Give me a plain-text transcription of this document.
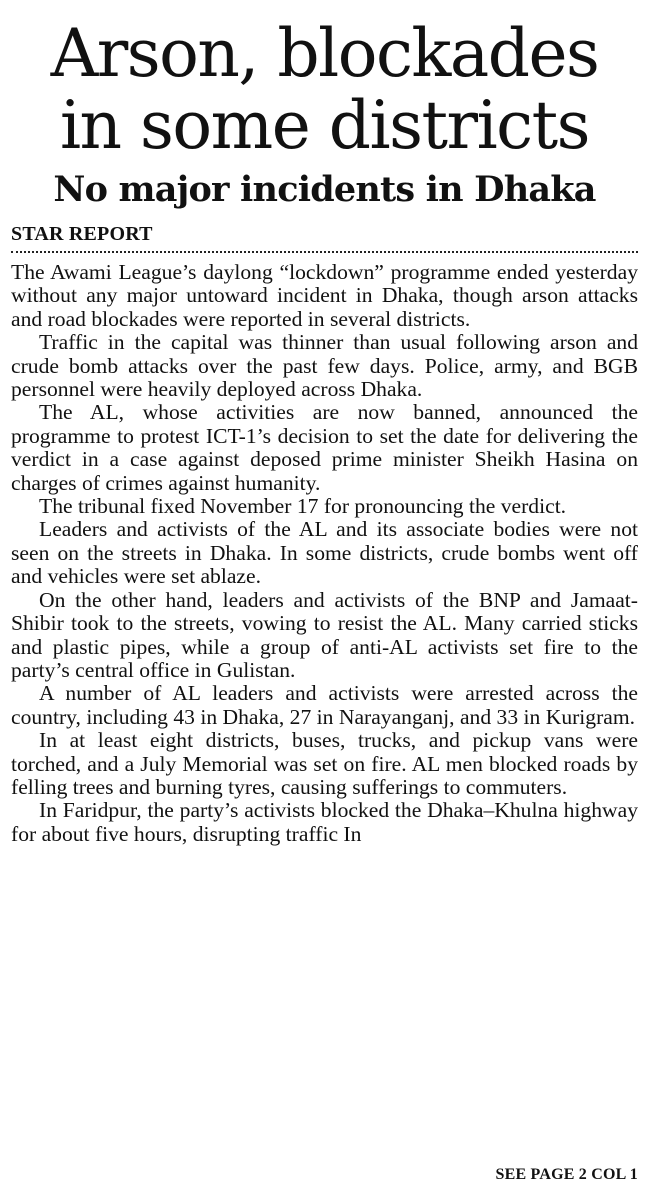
Arson, blockades
in some districts
No major incidents in Dhaka
STAR REPORT

The Awami League’s daylong “lockdown” programme ended yesterday without any major untoward incident in Dhaka, though arson attacks and road blockades were reported in several districts.

Traffic in the capital was thinner than usual following arson and crude bomb attacks over the past few days. Police, army, and BGB personnel were heavily deployed across Dhaka.

The AL, whose activities are now banned, announced the programme to protest ICT-1’s decision to set the date for delivering the verdict in a case against deposed prime minister Sheikh Hasina on charges of crimes against humanity.

The tribunal fixed November 17 for pronouncing the verdict.

Leaders and activists of the AL and its associate bodies were not seen on the streets in Dhaka. In some districts, crude bombs went off and vehicles were set ablaze.

On the other hand, leaders and activists of the BNP and Jamaat-Shibir took to the streets, vowing to resist the AL. Many carried sticks and plastic pipes, while a group of anti-AL activists set fire to the party’s central office in Gulistan.

A number of AL leaders and activists were arrested across the country, including 43 in Dhaka, 27 in Narayanganj, and 33 in Kurigram.

In at least eight districts, buses, trucks, and pickup vans were torched, and a July Memorial was set on fire. AL men blocked roads by felling trees and burning tyres, causing sufferings to commuters.

In Faridpur, the party’s activists blocked the Dhaka–Khulna highway for about five hours, disrupting traffic In

SEE PAGE 2 COL 1
